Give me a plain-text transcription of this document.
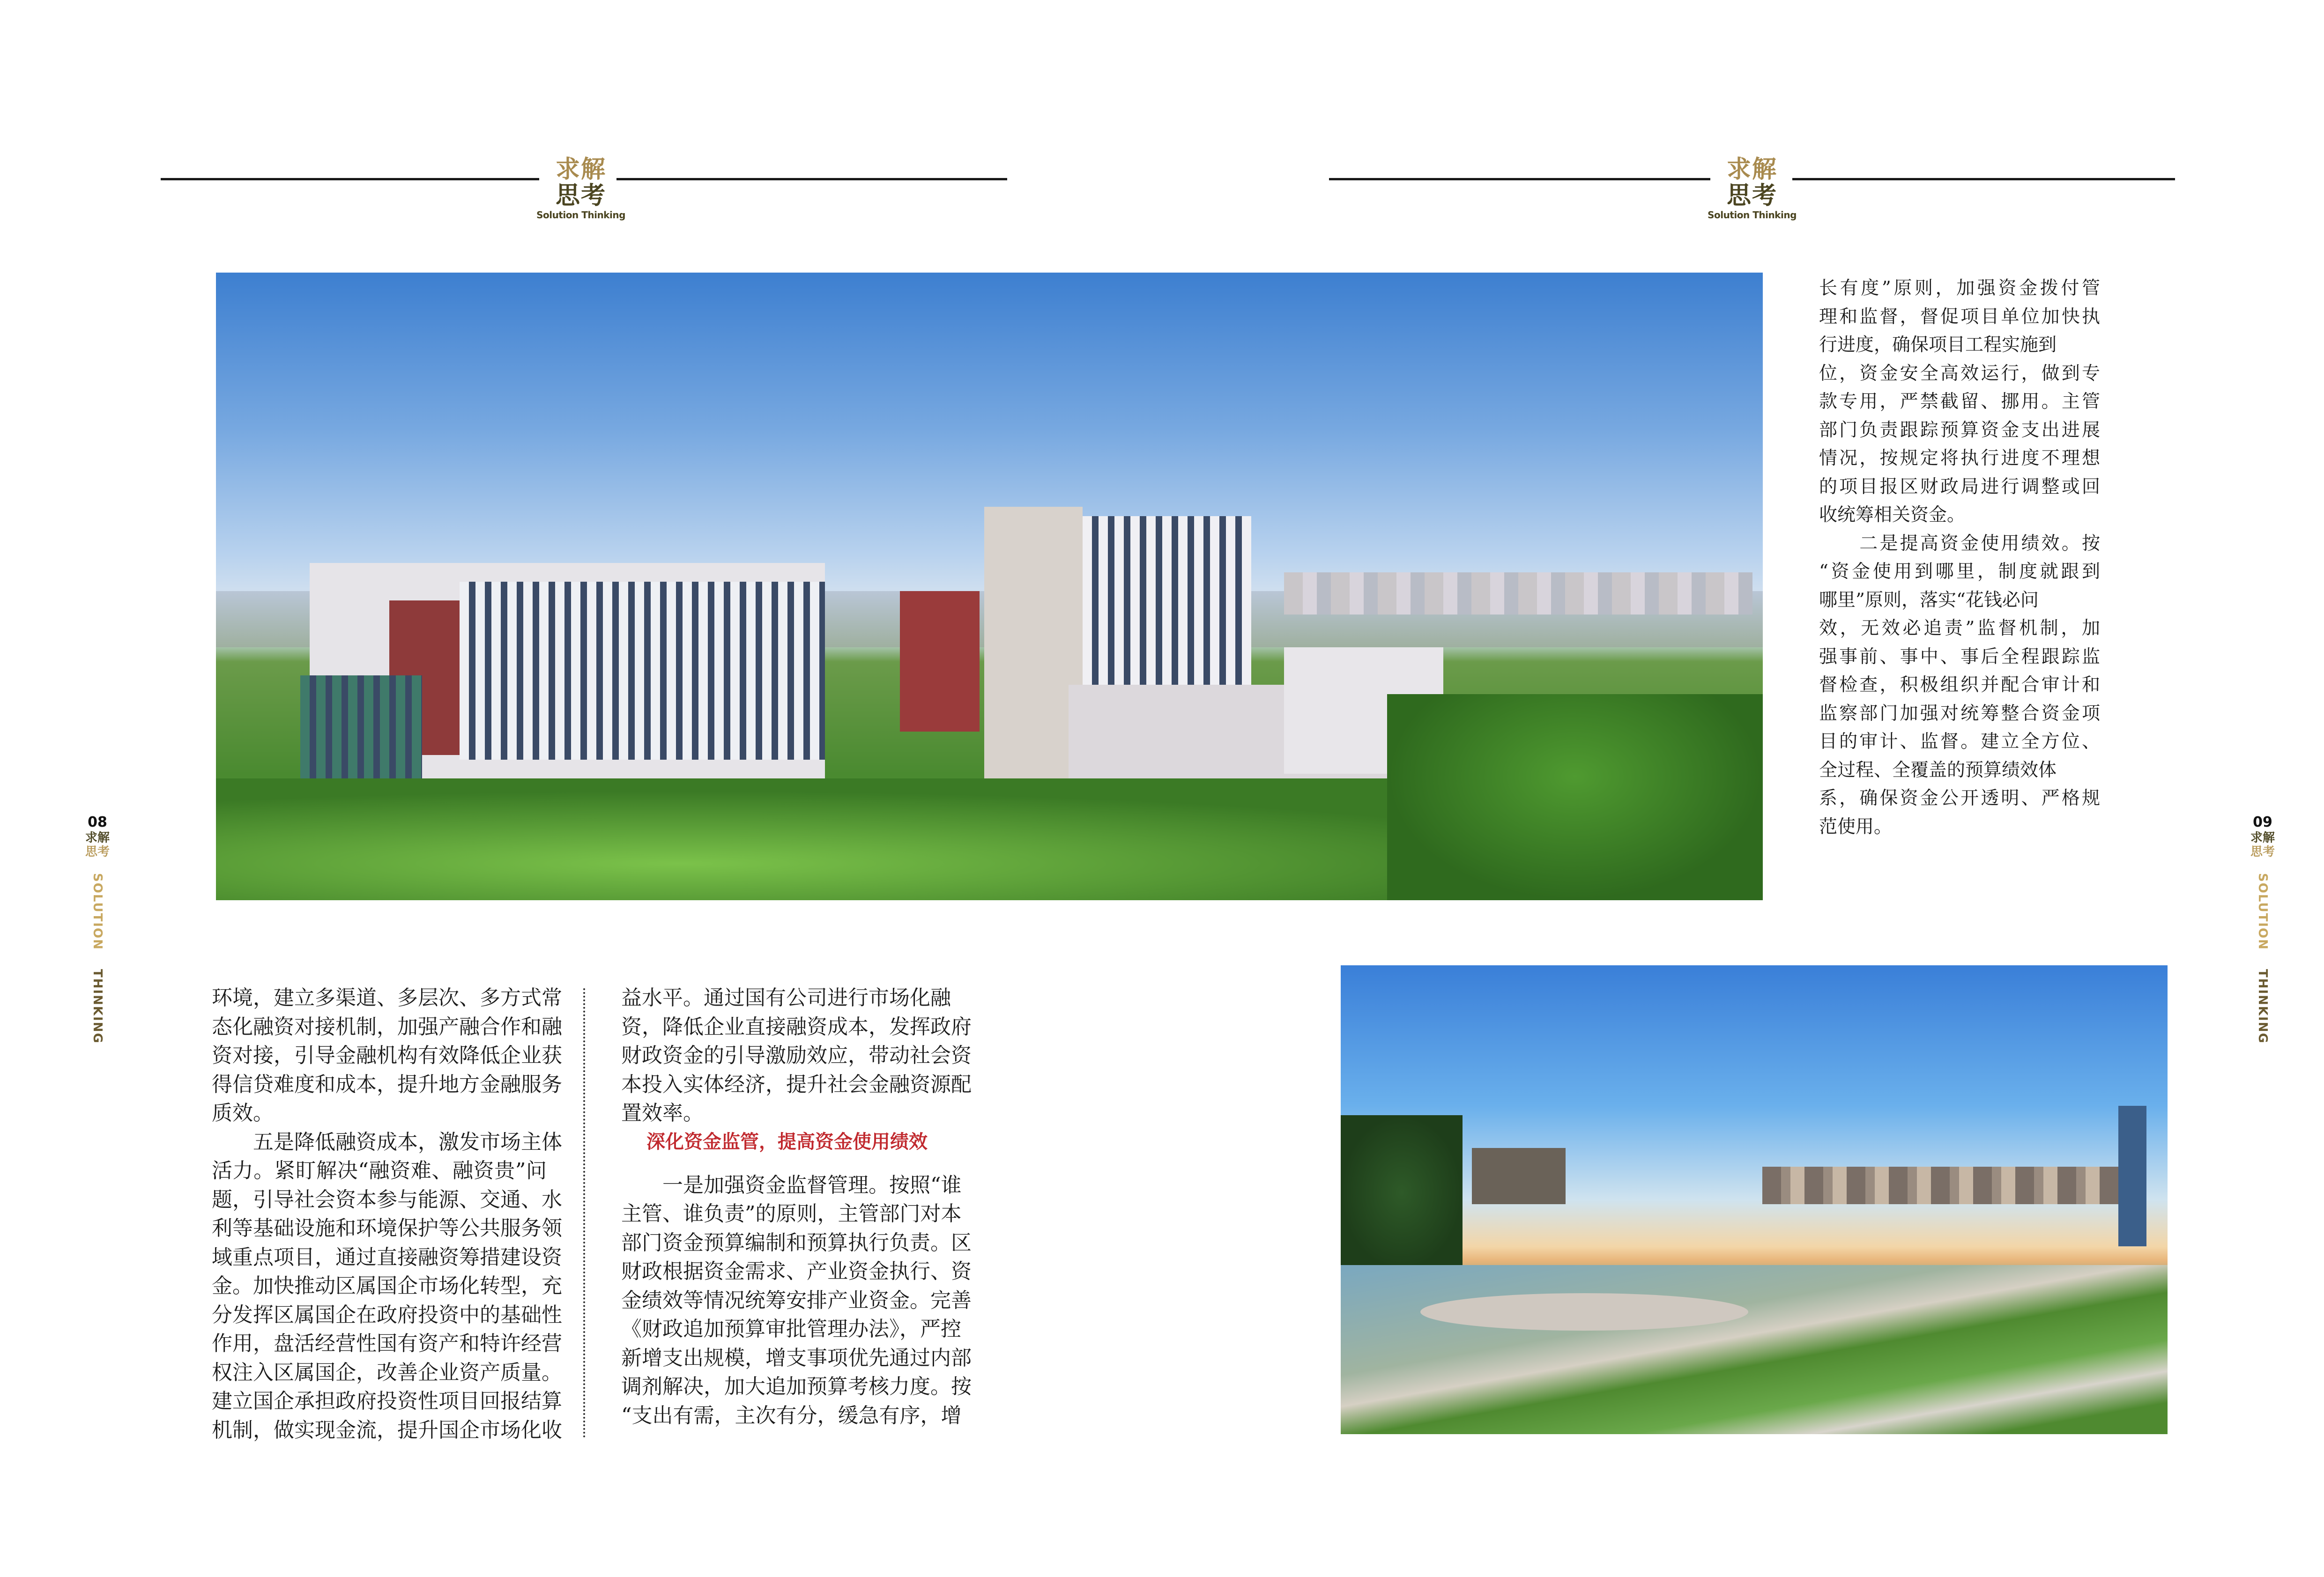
求解
思考
Solution Thinking
求解
思考
Solution Thinking
08
求解
思考
SOLUTION
THINKING
09
求解
思考
SOLUTION
THINKING
长有度”原则，加强资金拨付管
理和监督，督促项目单位加快执
行进度，确保项目工程实施到
位，资金安全高效运行，做到专
款专用，严禁截留、挪用。主管
部门负责跟踪预算资金支出进展
情况，按规定将执行进度不理想
的项目报区财政局进行调整或回
收统筹相关资金。
　　二是提高资金使用绩效。按
“资金使用到哪里，制度就跟到
哪里”原则，落实“花钱必问
效，无效必追责”监督机制，加
强事前、事中、事后全程跟踪监
督检查，积极组织并配合审计和
监察部门加强对统筹整合资金项
目的审计、监督。建立全方位、
全过程、全覆盖的预算绩效体
系，确保资金公开透明、严格规
范使用。
环境，建立多渠道、多层次、多方式常
态化融资对接机制，加强产融合作和融
资对接，引导金融机构有效降低企业获
得信贷难度和成本，提升地方金融服务
质效。
　　五是降低融资成本，激发市场主体
活力。紧盯解决“融资难、融资贵”问
题，引导社会资本参与能源、交通、水
利等基础设施和环境保护等公共服务领
域重点项目，通过直接融资筹措建设资
金。加快推动区属国企市场化转型，充
分发挥区属国企在政府投资中的基础性
作用，盘活经营性国有资产和特许经营
权注入区属国企，改善企业资产质量。
建立国企承担政府投资性项目回报结算
机制，做实现金流，提升国企市场化收
益水平。通过国有公司进行市场化融
资，降低企业直接融资成本，发挥政府
财政资金的引导激励效应，带动社会资
本投入实体经济，提升社会金融资源配
置效率。
深化资金监管，提高资金使用绩效
　　一是加强资金监督管理。按照“谁
主管、谁负责”的原则，主管部门对本
部门资金预算编制和预算执行负责。区
财政根据资金需求、产业资金执行、资
金绩效等情况统筹安排产业资金。完善
《财政追加预算审批管理办法》，严控
新增支出规模，增支事项优先通过内部
调剂解决，加大追加预算考核力度。按
“支出有需，主次有分，缓急有序，增
